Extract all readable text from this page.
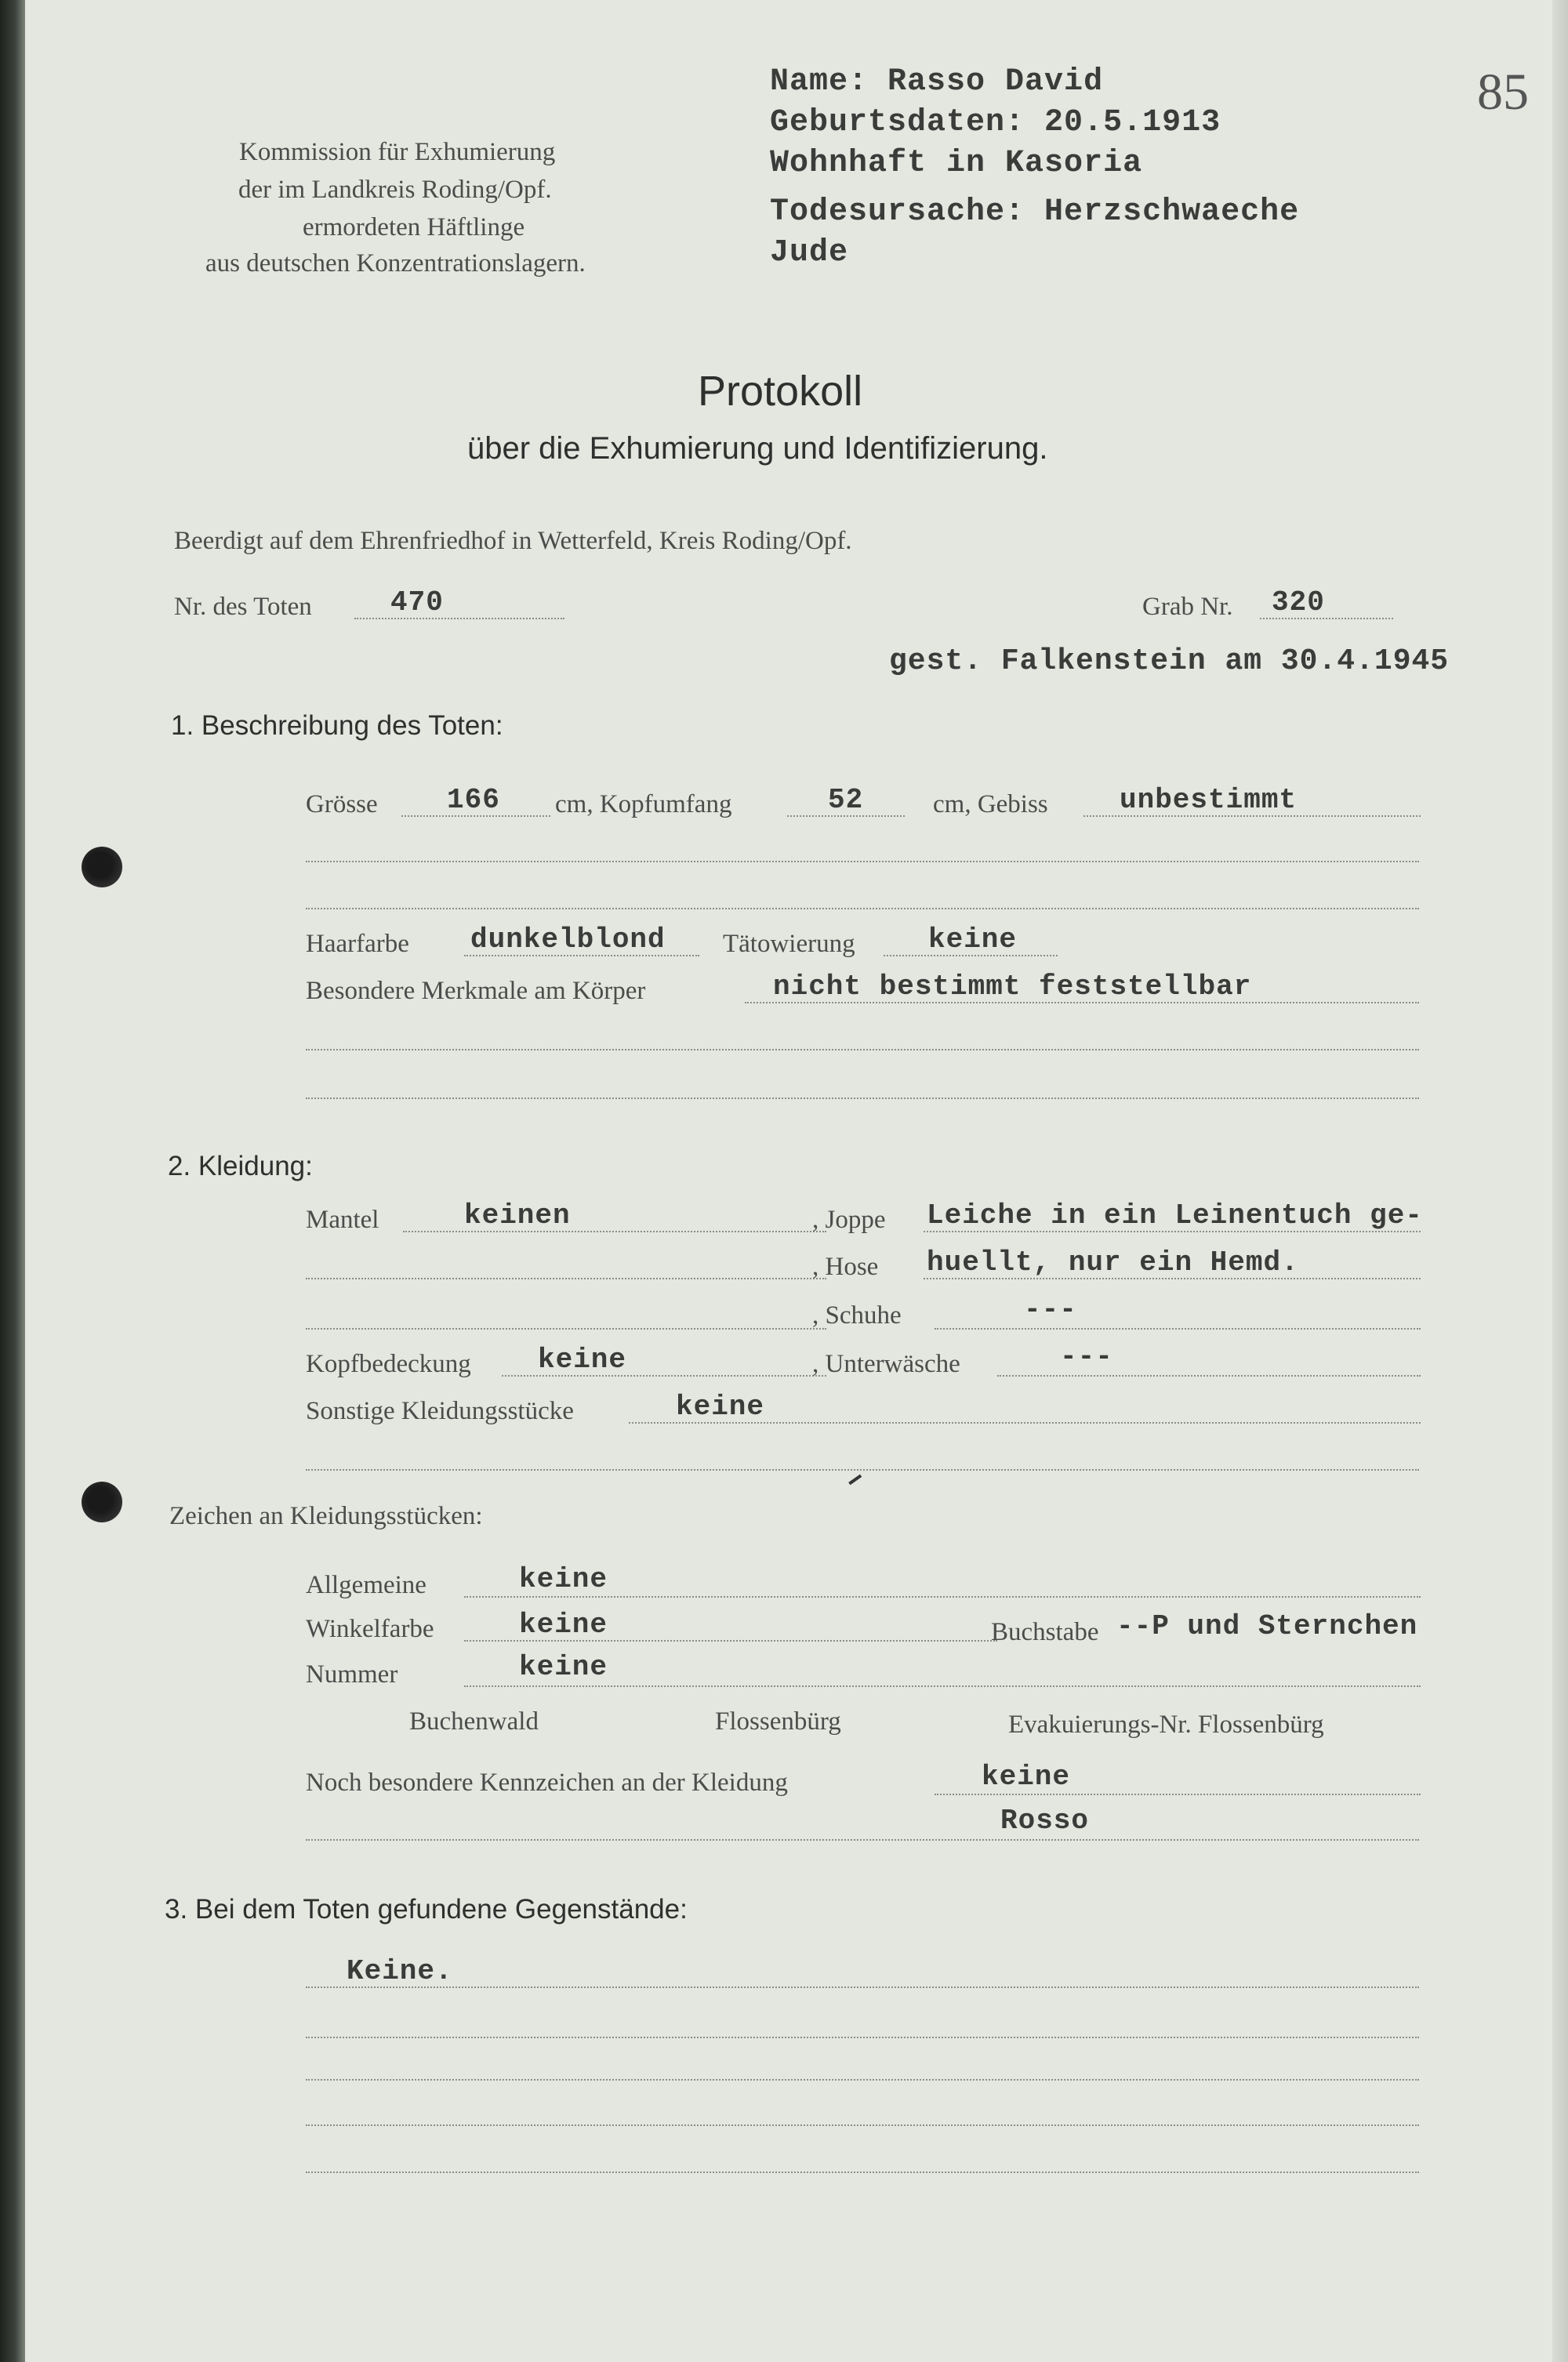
85
Kommission für Exhumierung
der im Landkreis Roding/Opf.
ermordeten Häftlinge
aus deutschen Konzentrationslagern.
Name: Rasso David
Geburtsdaten: 20.5.1913
Wohnhaft in Kasoria
Todesursache: Herzschwaeche
Jude
Protokoll
über die Exhumierung und Identifizierung.
Beerdigt auf dem Ehrenfriedhof in Wetterfeld, Kreis Roding/Opf.
Nr. des Toten	470	Grab Nr. 320
gest. Falkenstein am 30.4.1945
1. Beschreibung des Toten:
Grösse 166 cm, Kopfumfang	52	cm, Gebiss	unbestimmt
Haarfarbe dunkelblond Tätowierung	keine
Besondere Merkmale am Körper	nicht bestimmt feststellbar
2. Kleidung:
Mantel	keinen	, Joppe Leiche in ein Leinentuch ge-
, Hose huellt, nur ein Hemd.
, Schuhe	---
Kopfbedeckung keine	, Unterwäsche	---
Sonstige Kleidungsstücke	keine
Zeichen an Kleidungsstücken:
Allgemeine	keine
Winkelfarbe	keine	Buchstabe --P und Sternchen
Nummer	keine
Buchenwald	Flossenbürg	Evakuierungs-Nr. Flossenbürg
Noch besondere Kennzeichen an der Kleidung	keine
Rosso
3. Bei dem Toten gefundene Gegenstände:
Keine.
